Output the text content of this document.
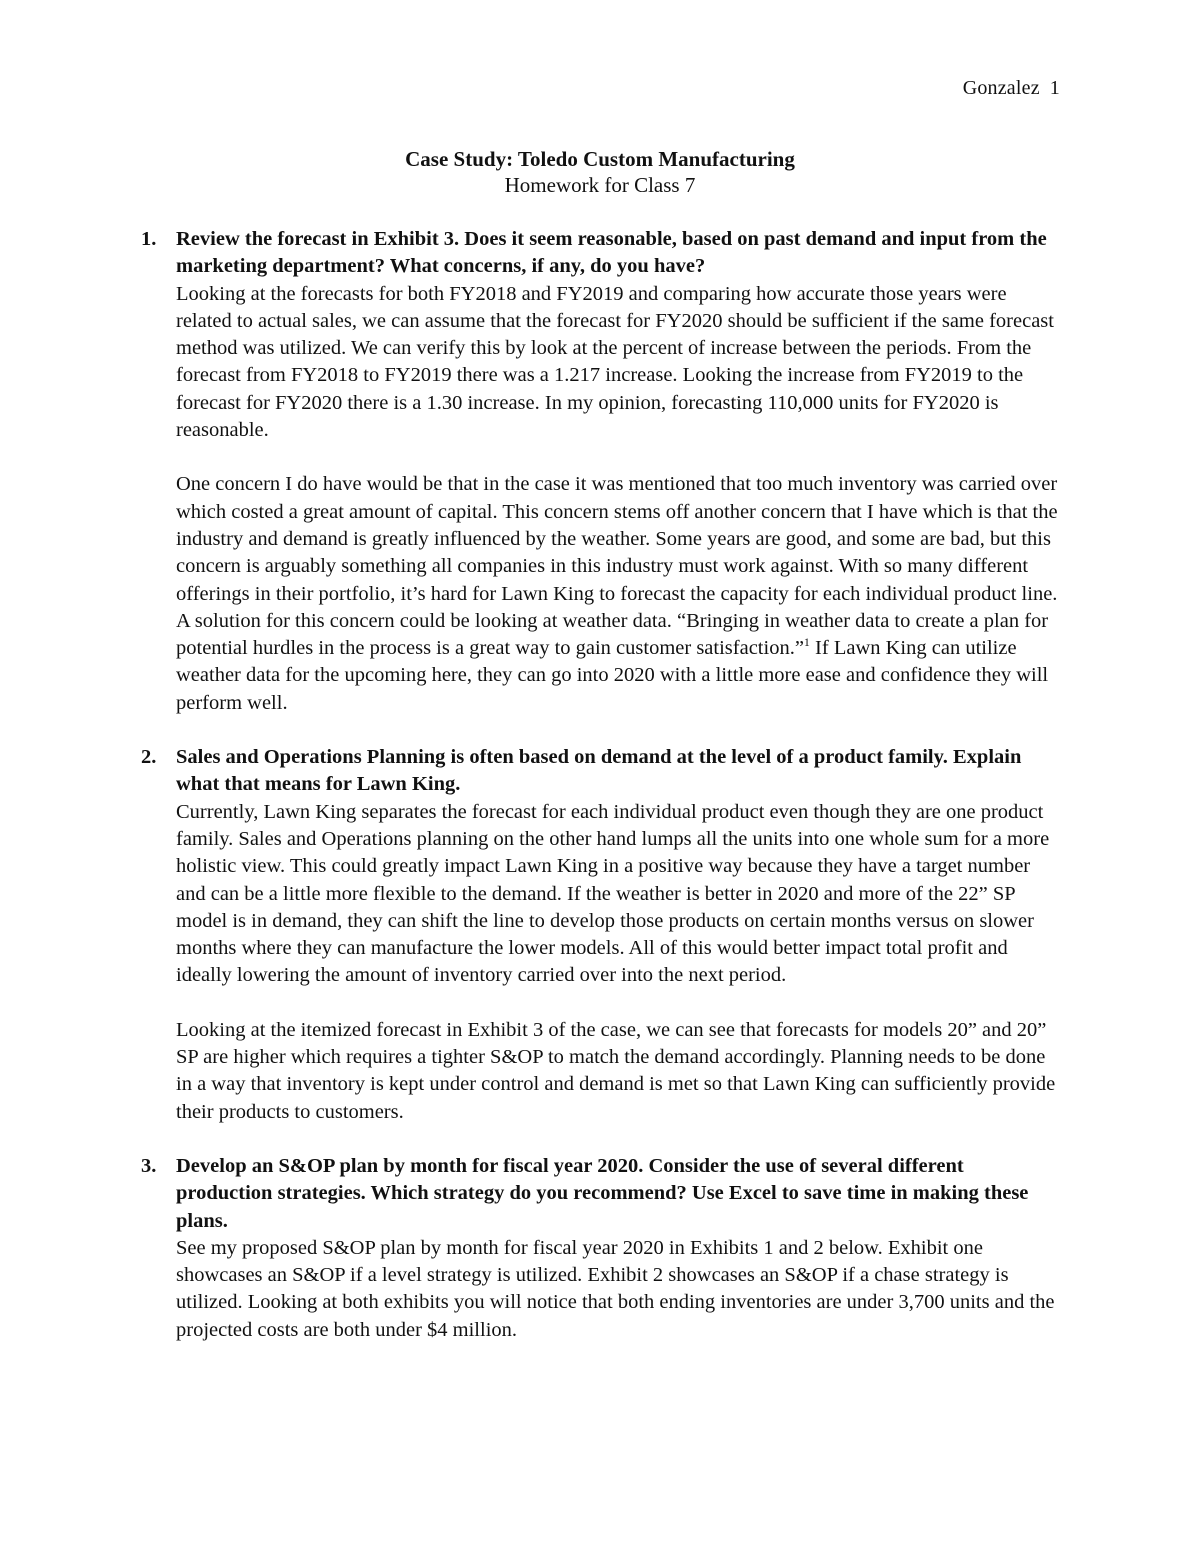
Gonzalez 1
Case Study: Toledo Custom Manufacturing
Homework for Class 7
1. Review the forecast in Exhibit 3. Does it seem reasonable, based on past demand and input from the marketing department? What concerns, if any, do you have?

Looking at the forecasts for both FY2018 and FY2019 and comparing how accurate those years were related to actual sales, we can assume that the forecast for FY2020 should be sufficient if the same forecast method was utilized. We can verify this by look at the percent of increase between the periods. From the forecast from FY2018 to FY2019 there was a 1.217 increase. Looking the increase from FY2019 to the forecast for FY2020 there is a 1.30 increase. In my opinion, forecasting 110,000 units for FY2020 is reasonable.

One concern I do have would be that in the case it was mentioned that too much inventory was carried over which costed a great amount of capital. This concern stems off another concern that I have which is that the industry and demand is greatly influenced by the weather. Some years are good, and some are bad, but this concern is arguably something all companies in this industry must work against. With so many different offerings in their portfolio, it’s hard for Lawn King to forecast the capacity for each individual product line. A solution for this concern could be looking at weather data. “Bringing in weather data to create a plan for potential hurdles in the process is a great way to gain customer satisfaction.”$^1$ If Lawn King can utilize weather data for the upcoming here, they can go into 2020 with a little more ease and confidence they will perform well.

2. Sales and Operations Planning is often based on demand at the level of a product family. Explain what that means for Lawn King.

Currently, Lawn King separates the forecast for each individual product even though they are one product family. Sales and Operations planning on the other hand lumps all the units into one whole sum for a more holistic view. This could greatly impact Lawn King in a positive way because they have a target number and can be a little more flexible to the demand. If the weather is better in 2020 and more of the 22” SP model is in demand, they can shift the line to develop those products on certain months versus on slower months where they can manufacture the lower models. All of this would better impact total profit and ideally lowering the amount of inventory carried over into the next period.

Looking at the itemized forecast in Exhibit 3 of the case, we can see that forecasts for models 20” and 20” SP are higher which requires a tighter S&OP to match the demand accordingly. Planning needs to be done in a way that inventory is kept under control and demand is met so that Lawn King can sufficiently provide their products to customers.

3. Develop an S&OP plan by month for fiscal year 2020. Consider the use of several different production strategies. Which strategy do you recommend? Use Excel to save time in making these plans.

See my proposed S&OP plan by month for fiscal year 2020 in Exhibits 1 and 2 below. Exhibit one showcases an S&OP if a level strategy is utilized. Exhibit 2 showcases an S&OP if a chase strategy is utilized. Looking at both exhibits you will notice that both ending inventories are under 3,700 units and the projected costs are both under $4 million.
